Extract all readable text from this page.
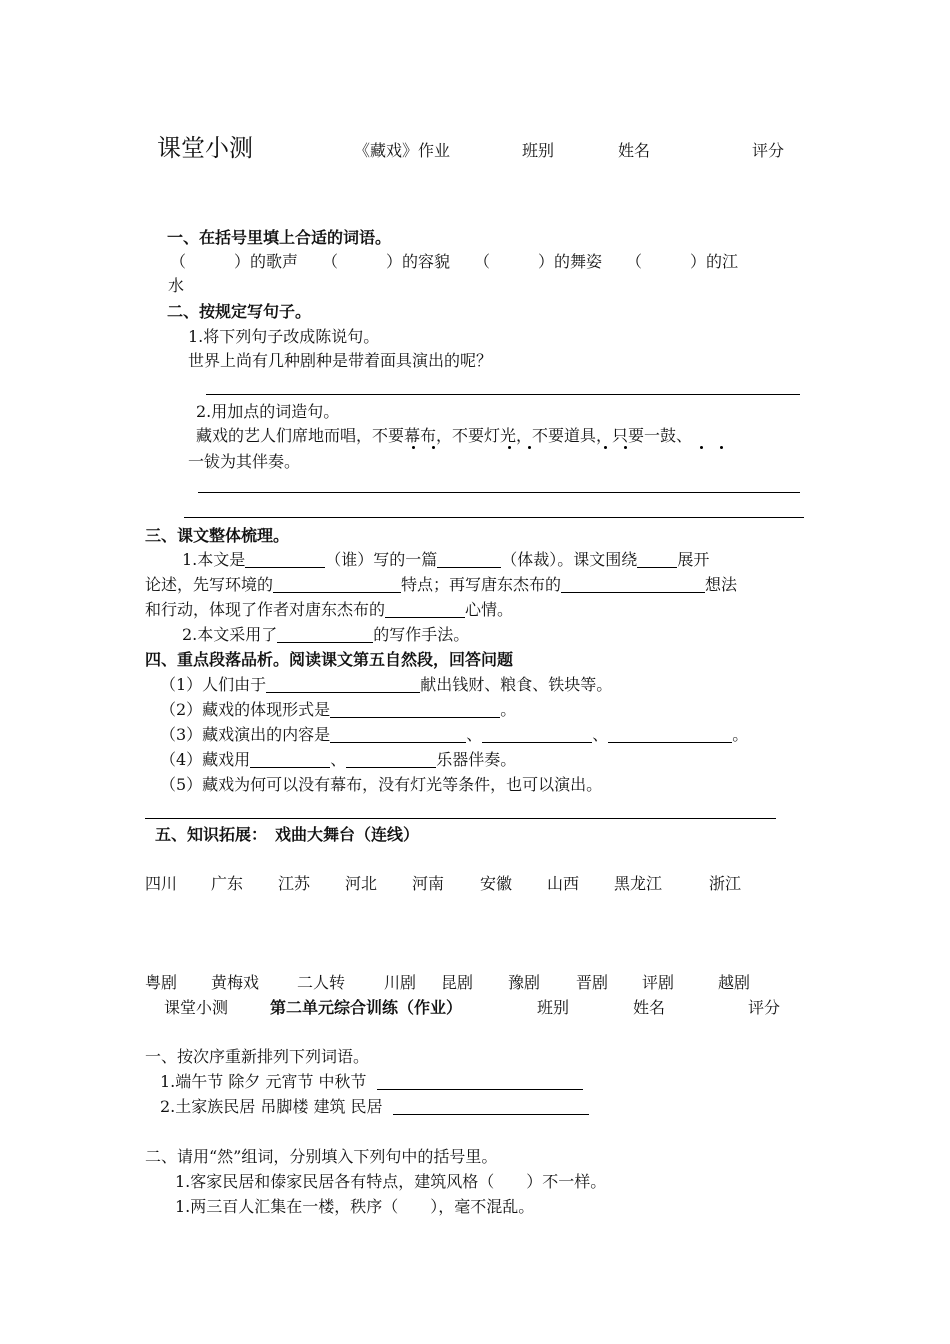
课堂小测	《藏戏》作业	班别	姓名	评分
一、在括号里填上合适的词语。
（　　　）的歌声　　（　　　）的容貌　　（　　　）的舞姿　　（　　　）的江
水
二、按规定写句子。
1.将下列句子改成陈说句。
世界上尚有几种剧种是带着面具演出的呢？
2.用加点的词造句。
藏戏的艺人们席地而唱，不要幕布，不要灯光，不要道具，只要一鼓、
一钹为其伴奏。
三、课文整体梳理。
1.本文是	（谁）写的一篇	（体裁）。课文围绕	展开
论述，先写环境的	特点；再写唐东杰布的	想法
和行动，体现了作者对唐东杰布的	心情。
2.本文采用了	的写作手法。
四、重点段落品析。阅读课文第五自然段，回答问题
（1）人们由于	献出钱财、粮食、铁块等。
（2）藏戏的体现形式是	。
（3）藏戏演出的内容是	、	、	。
（4）藏戏用	、	乐器伴奏。
（5）藏戏为何可以没有幕布，没有灯光等条件，也可以演出。
五、知识拓展：　戏曲大舞台（连线）
四川 广东 江苏 河北 河南 安徽 山西 黑龙江	浙江
粤剧 黄梅戏 二人转 川剧 昆剧 豫剧 晋剧 评剧	越剧
课堂小测	第二单元综合训练（作业）	班别	姓名	评分
一、按次序重新排列下列词语。
1.端午节 除夕 元宵节 中秋节
2.土家族民居 吊脚楼 建筑 民居
二、请用“然”组词，分别填入下列句中的括号里。
1.客家民居和傣家民居各有特点，建筑风格（　　）不一样。
1.两三百人汇集在一楼，秩序（　　），毫不混乱。
